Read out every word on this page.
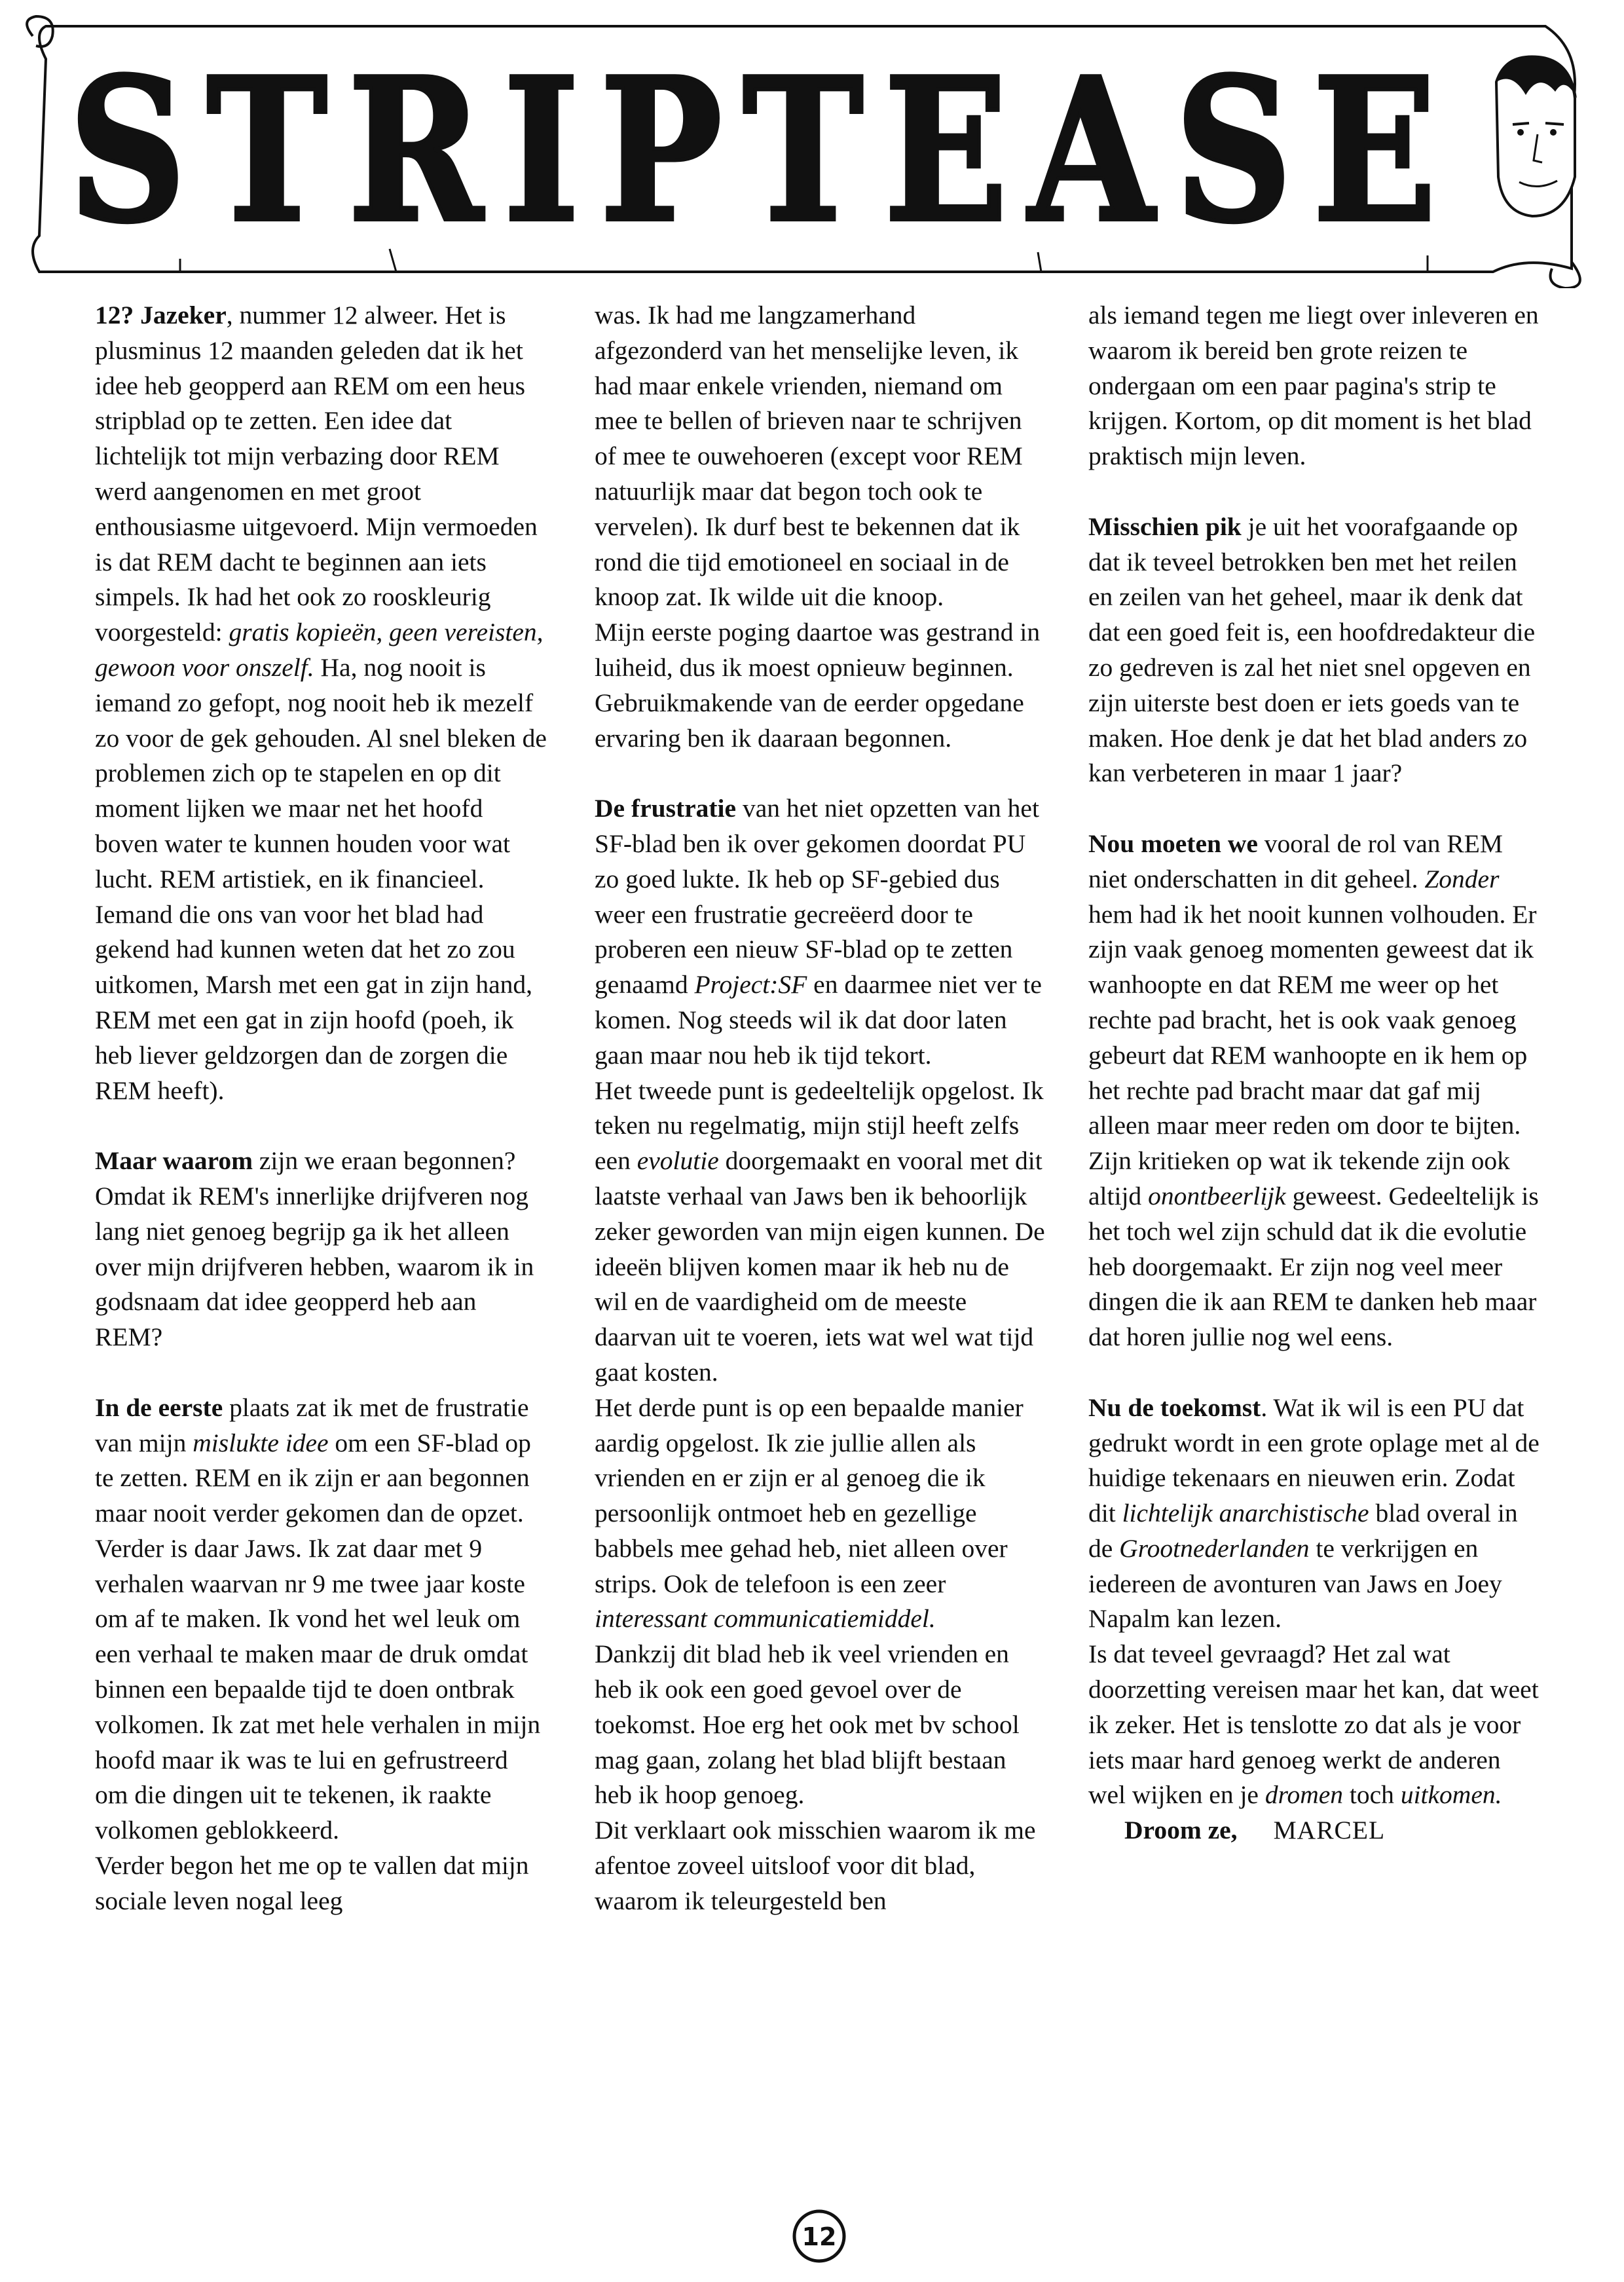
STRIPTEASE

12? Jazeker, nummer 12 alweer. Het is plusminus 12 maanden geleden dat ik het idee heb geopperd aan REM om een heus stripblad op te zetten. Een idee dat lichtelijk tot mijn verbazing door REM werd aangenomen en met groot enthousiasme uitgevoerd. Mijn vermoeden is dat REM dacht te beginnen aan iets simpels. Ik had het ook zo rooskleurig voorgesteld: gratis kopieën, geen vereisten, gewoon voor onszelf. Ha, nog nooit is iemand zo gefopt, nog nooit heb ik mezelf zo voor de gek gehouden. Al snel bleken de problemen zich op te stapelen en op dit moment lijken we maar net het hoofd boven water te kunnen houden voor wat lucht. REM artistiek, en ik financieel. Iemand die ons van voor het blad had gekend had kunnen weten dat het zo zou uitkomen, Marsh met een gat in zijn hand, REM met een gat in zijn hoofd (poeh, ik heb liever geldzorgen dan de zorgen die REM heeft).

Maar waarom zijn we eraan begonnen? Omdat ik REM's innerlijke drijfveren nog lang niet genoeg begrijp ga ik het alleen over mijn drijfveren hebben, waarom ik in godsnaam dat idee geopperd heb aan REM?

In de eerste plaats zat ik met de frustratie van mijn mislukte idee om een SF-blad op te zetten. REM en ik zijn er aan begonnen maar nooit verder gekomen dan de opzet.

Verder is daar Jaws. Ik zat daar met 9 verhalen waarvan nr 9 me twee jaar koste om af te maken. Ik vond het wel leuk om een verhaal te maken maar de druk omdat binnen een bepaalde tijd te doen ontbrak volkomen. Ik zat met hele verhalen in mijn hoofd maar ik was te lui en gefrustreerd om die dingen uit te tekenen, ik raakte volkomen geblokkeerd.

Verder begon het me op te vallen dat mijn sociale leven nogal leeg

was. Ik had me langzamerhand afgezonderd van het menselijke leven, ik had maar enkele vrienden, niemand om mee te bellen of brieven naar te schrijven of mee te ouwehoeren (except voor REM natuurlijk maar dat begon toch ook te vervelen). Ik durf best te bekennen dat ik rond die tijd emotioneel en sociaal in de knoop zat. Ik wilde uit die knoop.

Mijn eerste poging daartoe was gestrand in luiheid, dus ik moest opnieuw beginnen. Gebruikmakende van de eerder opgedane ervaring ben ik daaraan begonnen.

De frustratie van het niet opzetten van het SF-blad ben ik over gekomen doordat PU zo goed lukte. Ik heb op SF-gebied dus weer een frustratie gecreëerd door te proberen een nieuw SF-blad op te zetten genaamd Project:SF en daarmee niet ver te komen. Nog steeds wil ik dat door laten gaan maar nou heb ik tijd tekort.

Het tweede punt is gedeeltelijk opgelost. Ik teken nu regelmatig, mijn stijl heeft zelfs een evolutie doorgemaakt en vooral met dit laatste verhaal van Jaws ben ik behoorlijk zeker geworden van mijn eigen kunnen. De ideeën blijven komen maar ik heb nu de wil en de vaardigheid om de meeste daarvan uit te voeren, iets wat wel wat tijd gaat kosten.

Het derde punt is op een bepaalde manier aardig opgelost. Ik zie jullie allen als vrienden en er zijn er al genoeg die ik persoonlijk ontmoet heb en gezellige babbels mee gehad heb, niet alleen over strips. Ook de telefoon is een zeer interessant communicatiemiddel.

Dankzij dit blad heb ik veel vrienden en heb ik ook een goed gevoel over de toekomst. Hoe erg het ook met bv school mag gaan, zolang het blad blijft bestaan heb ik hoop genoeg.

Dit verklaart ook misschien waarom ik me afentoe zoveel uitsloof voor dit blad, waarom ik teleurgesteld ben

als iemand tegen me liegt over inleveren en waarom ik bereid ben grote reizen te ondergaan om een paar pagina's strip te krijgen. Kortom, op dit moment is het blad praktisch mijn leven.

Misschien pik je uit het voorafgaande op dat ik teveel betrokken ben met het reilen en zeilen van het geheel, maar ik denk dat dat een goed feit is, een hoofdredakteur die zo gedreven is zal het niet snel opgeven en zijn uiterste best doen er iets goeds van te maken. Hoe denk je dat het blad anders zo kan verbeteren in maar 1 jaar?

Nou moeten we vooral de rol van REM niet onderschatten in dit geheel. Zonder hem had ik het nooit kunnen volhouden. Er zijn vaak genoeg momenten geweest dat ik wanhoopte en dat REM me weer op het rechte pad bracht, het is ook vaak genoeg gebeurt dat REM wanhoopte en ik hem op het rechte pad bracht maar dat gaf mij alleen maar meer reden om door te bijten. Zijn kritieken op wat ik tekende zijn ook altijd onontbeerlijk geweest. Gedeeltelijk is het toch wel zijn schuld dat ik die evolutie heb doorgemaakt. Er zijn nog veel meer dingen die ik aan REM te danken heb maar dat horen jullie nog wel eens.

Nu de toekomst. Wat ik wil is een PU dat gedrukt wordt in een grote oplage met al de huidige tekenaars en nieuwen erin. Zodat dit lichtelijk anarchistische blad overal in de Grootnederlanden te verkrijgen en iedereen de avonturen van Jaws en Joey Napalm kan lezen.

Is dat teveel gevraagd? Het zal wat doorzetting vereisen maar het kan, dat weet ik zeker. Het is tenslotte zo dat als je voor iets maar hard genoeg werkt de anderen wel wijken en je dromen toch uitkomen.

Droom ze, MARCEL

12
